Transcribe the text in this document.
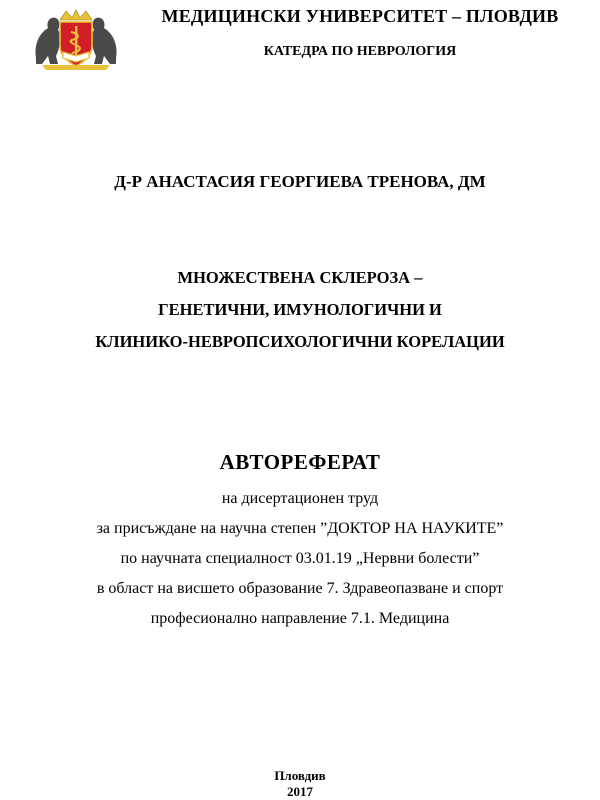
МЕДИЦИНСКИ УНИВЕРСИТЕТ – ПЛОВДИВ
КАТЕДРА ПО НЕВРОЛОГИЯ
Д-Р АНАСТАСИЯ ГЕОРГИЕВА ТРЕНОВА, ДМ
МНОЖЕСТВЕНА СКЛЕРОЗА –
ГЕНЕТИЧНИ, ИМУНОЛОГИЧНИ И
КЛИНИКО-НЕВРОПСИХОЛОГИЧНИ КОРЕЛАЦИИ
АВТОРЕФЕРАТ
на дисертационен труд
за присъждане на научна степен ”ДОКТОР НА НАУКИТЕ”
по научната специалност 03.01.19 „Нервни болести”
в област на висшето образование 7. Здравеопазване и спорт
професионално направление 7.1. Медицина
Пловдив
2017
